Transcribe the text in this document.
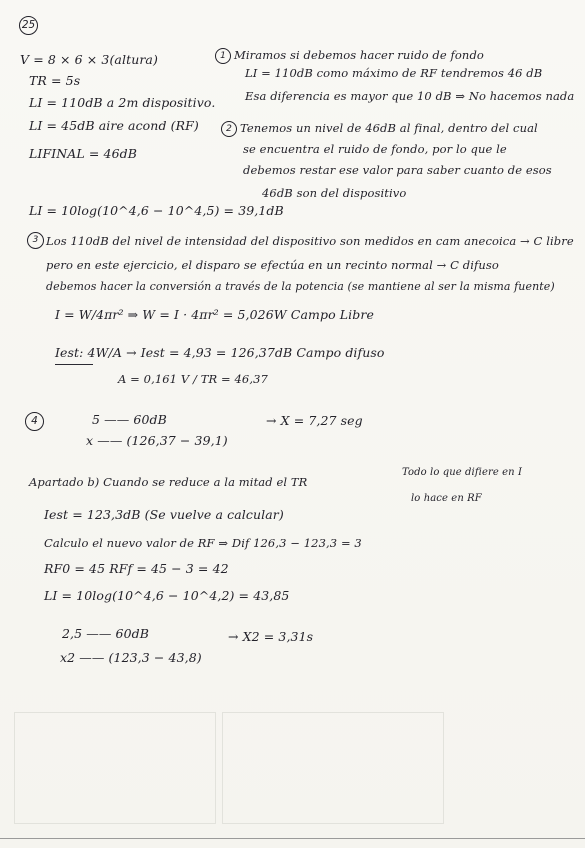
25
V = 8 × 6 × 3(altura)
TR = 5s
LI = 110dB a 2m dispositivo.
LI = 45dB aire acond (RF)
LIFINAL = 46dB
1 Miramos si debemos hacer ruido de fondo
LI = 110dB como máximo de RF tendremos 46 dB
Esa diferencia es mayor que 10 dB ⇒ No hacemos nada
2 Tenemos un nivel de 46dB al final, dentro del cual
se encuentra el ruido de fondo, por lo que le
debemos restar ese valor para saber cuanto de esos
46dB son del dispositivo
LI = 10log(10^4,6 − 10^4,5) = 39,1dB
3 Los 110dB del nivel de intensidad del dispositivo son medidos en cam anecoica → C libre
pero en este ejercicio, el disparo se efectúa en un recinto normal → C difuso
debemos hacer la conversión a través de la potencia (se mantiene al ser la misma fuente)
I = W/4πr² ⇒ W = I · 4πr² = 5,026W Campo Libre
Iest: 4W/A → Iest = 4,93 = 126,37dB Campo difuso
A = 0,161 V / TR = 46,37
4	5 —— 60dB
x —— (126,37 − 39,1)
→ X = 7,27 seg
Apartado b) Cuando se reduce a la mitad el TR
Todo lo que difiere en I
lo hace en RF
Iest = 123,3dB (Se vuelve a calcular)
Calculo el nuevo valor de RF ⇒ Dif 126,3 − 123,3 = 3
RF0 = 45 RFf = 45 − 3 = 42
LI = 10log(10^4,6 − 10^4,2) = 43,85
2,5 —— 60dB
x2 —— (123,3 − 43,8)
→ X2 = 3,31s
